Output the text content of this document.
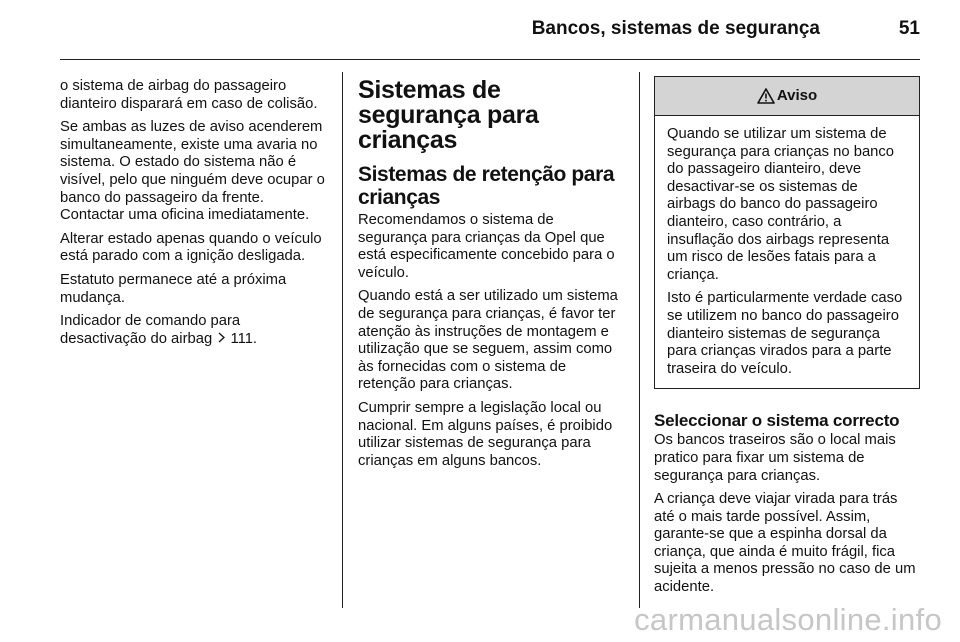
Bancos, sistemas de segurança	51

o sistema de airbag do passageiro dianteiro disparará em caso de colisão.

Se ambas as luzes de aviso acenderem simultaneamente, existe uma avaria no sistema. O estado do sistema não é visível, pelo que ninguém deve ocupar o banco do passageiro da frente. Contactar uma oficina imediatamente.

Alterar estado apenas quando o veículo está parado com a ignição desligada.

Estatuto permanece até a próxima mudança.

Indicador de comando para desactivação do airbag 111.

Sistemas de segurança para crianças
Sistemas de retenção para crianças

Recomendamos o sistema de segurança para crianças da Opel que está especificamente concebido para o veículo.

Quando está a ser utilizado um sistema de segurança para crianças, é favor ter atenção às instruções de montagem e utilização que se seguem, assim como às fornecidas com o sistema de retenção para crianças.

Cumprir sempre a legislação local ou nacional. Em alguns países, é proibido utilizar sistemas de segurança para crianças em alguns bancos.

Aviso

Quando se utilizar um sistema de segurança para crianças no banco do passageiro dianteiro, deve desactivar-se os sistemas de airbags do banco do passageiro dianteiro, caso contrário, a insuflação dos airbags representa um risco de lesões fatais para a criança.

Isto é particularmente verdade caso se utilizem no banco do passageiro dianteiro sistemas de segurança para crianças virados para a parte traseira do veículo.

Seleccionar o sistema correcto

Os bancos traseiros são o local mais pratico para fixar um sistema de segurança para crianças.

A criança deve viajar virada para trás até o mais tarde possível. Assim, garante-se que a espinha dorsal da criança, que ainda é muito frágil, fica sujeita a menos pressão no caso de um acidente.

carmanualsonline.info
